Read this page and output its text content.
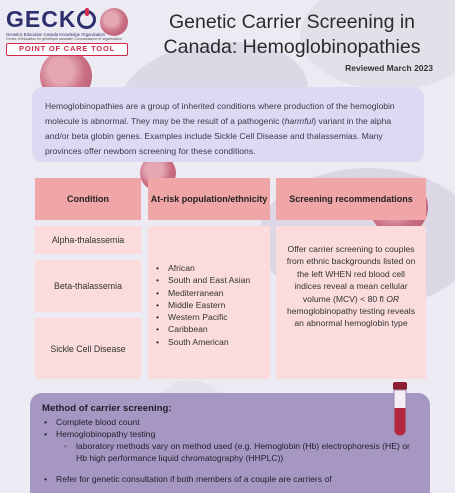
GECK
Genetics Education Canada Knowledge Organization
Centre d'éducation en génétique canadien Connaissance et organisation
POINT OF CARE TOOL
Genetic Carrier Screening in Canada: Hemoglobinopathies
Reviewed March 2023
Hemoglobinopathies are a group of inherited conditions where production of the hemoglobin molecule is abnormal. They may be the result of a pathogenic (harmful) variant in the alpha and/or beta globin genes. Examples include Sickle Cell Disease and thalassemias. Many provinces offer newborn screening for these conditions.
Condition	At-risk population/ethnicity	Screening recommendations
Alpha-thalassemia
Beta-thalassemia
Sickle Cell Disease
• African
• South and East Asian
• Mediterranean
• Middle Eastern
• Western Pacific
• Caribbean
• South American
Offer carrier screening to couples from ethnic backgrounds listed on the left WHEN red blood cell indices reveal a mean cellular volume (MCV) < 80 fl OR hemoglobinopathy testing reveals an abnormal hemoglobin type
Method of carrier screening:
• Complete blood count
• Hemoglobinopathy testing
◦ laboratory methods vary on method used (e.g. Hemoglobin (Hb) electrophoresis (HE) or Hb high performance liquid chromatography (HHPLC))
• Refer for genetic consultation if both members of a couple are carriers of
